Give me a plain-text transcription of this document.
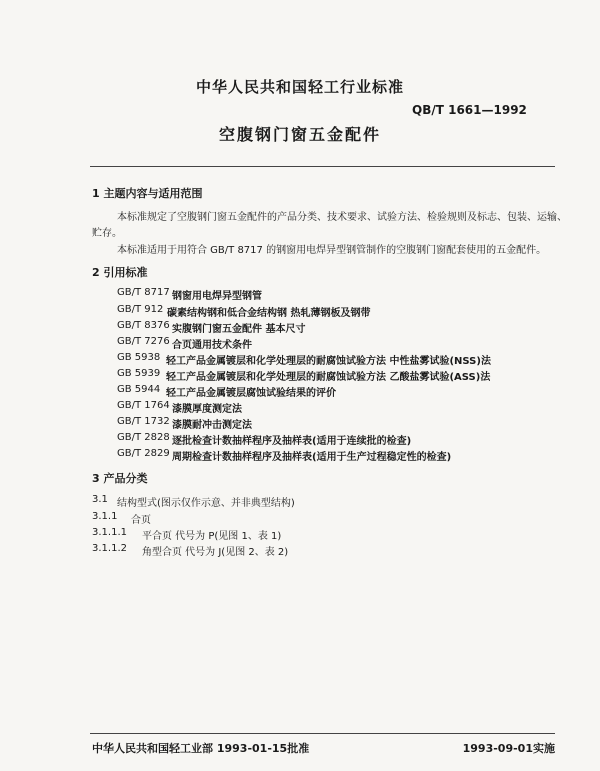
中华人民共和国轻工行业标准
QB/T 1661—1992
空腹钢门窗五金配件
1 主题内容与适用范围
本标准规定了空腹钢门窗五金配件的产品分类、技术要求、试验方法、检验规则及标志、包装、运输、
贮存。
本标准适用于用符合 GB/T 8717 的钢窗用电焊异型钢管制作的空腹钢门窗配套使用的五金配件。
2 引用标准
GB/T 8717 钢窗用电焊异型钢管
GB/T 912 碳素结构钢和低合金结构钢 热轧薄钢板及钢带
GB/T 8376 实腹钢门窗五金配件 基本尺寸
GB/T 7276 合页通用技术条件
GB 5938 轻工产品金属镀层和化学处理层的耐腐蚀试验方法 中性盐雾试验(NSS)法
GB 5939 轻工产品金属镀层和化学处理层的耐腐蚀试验方法 乙酸盐雾试验(ASS)法
GB 5944 轻工产品金属镀层腐蚀试验结果的评价
GB/T 1764 漆膜厚度测定法
GB/T 1732 漆膜耐冲击测定法
GB/T 2828 逐批检查计数抽样程序及抽样表(适用于连续批的检查)
GB/T 2829 周期检查计数抽样程序及抽样表(适用于生产过程稳定性的检查)
3 产品分类
3.1 结构型式(图示仅作示意、并非典型结构)
3.1.1 合页
3.1.1.1 平合页 代号为 P(见图 1、表 1)
3.1.1.2 角型合页 代号为 J(见图 2、表 2)
中华人民共和国轻工业部 1993-01-15批准	1993-09-01实施
